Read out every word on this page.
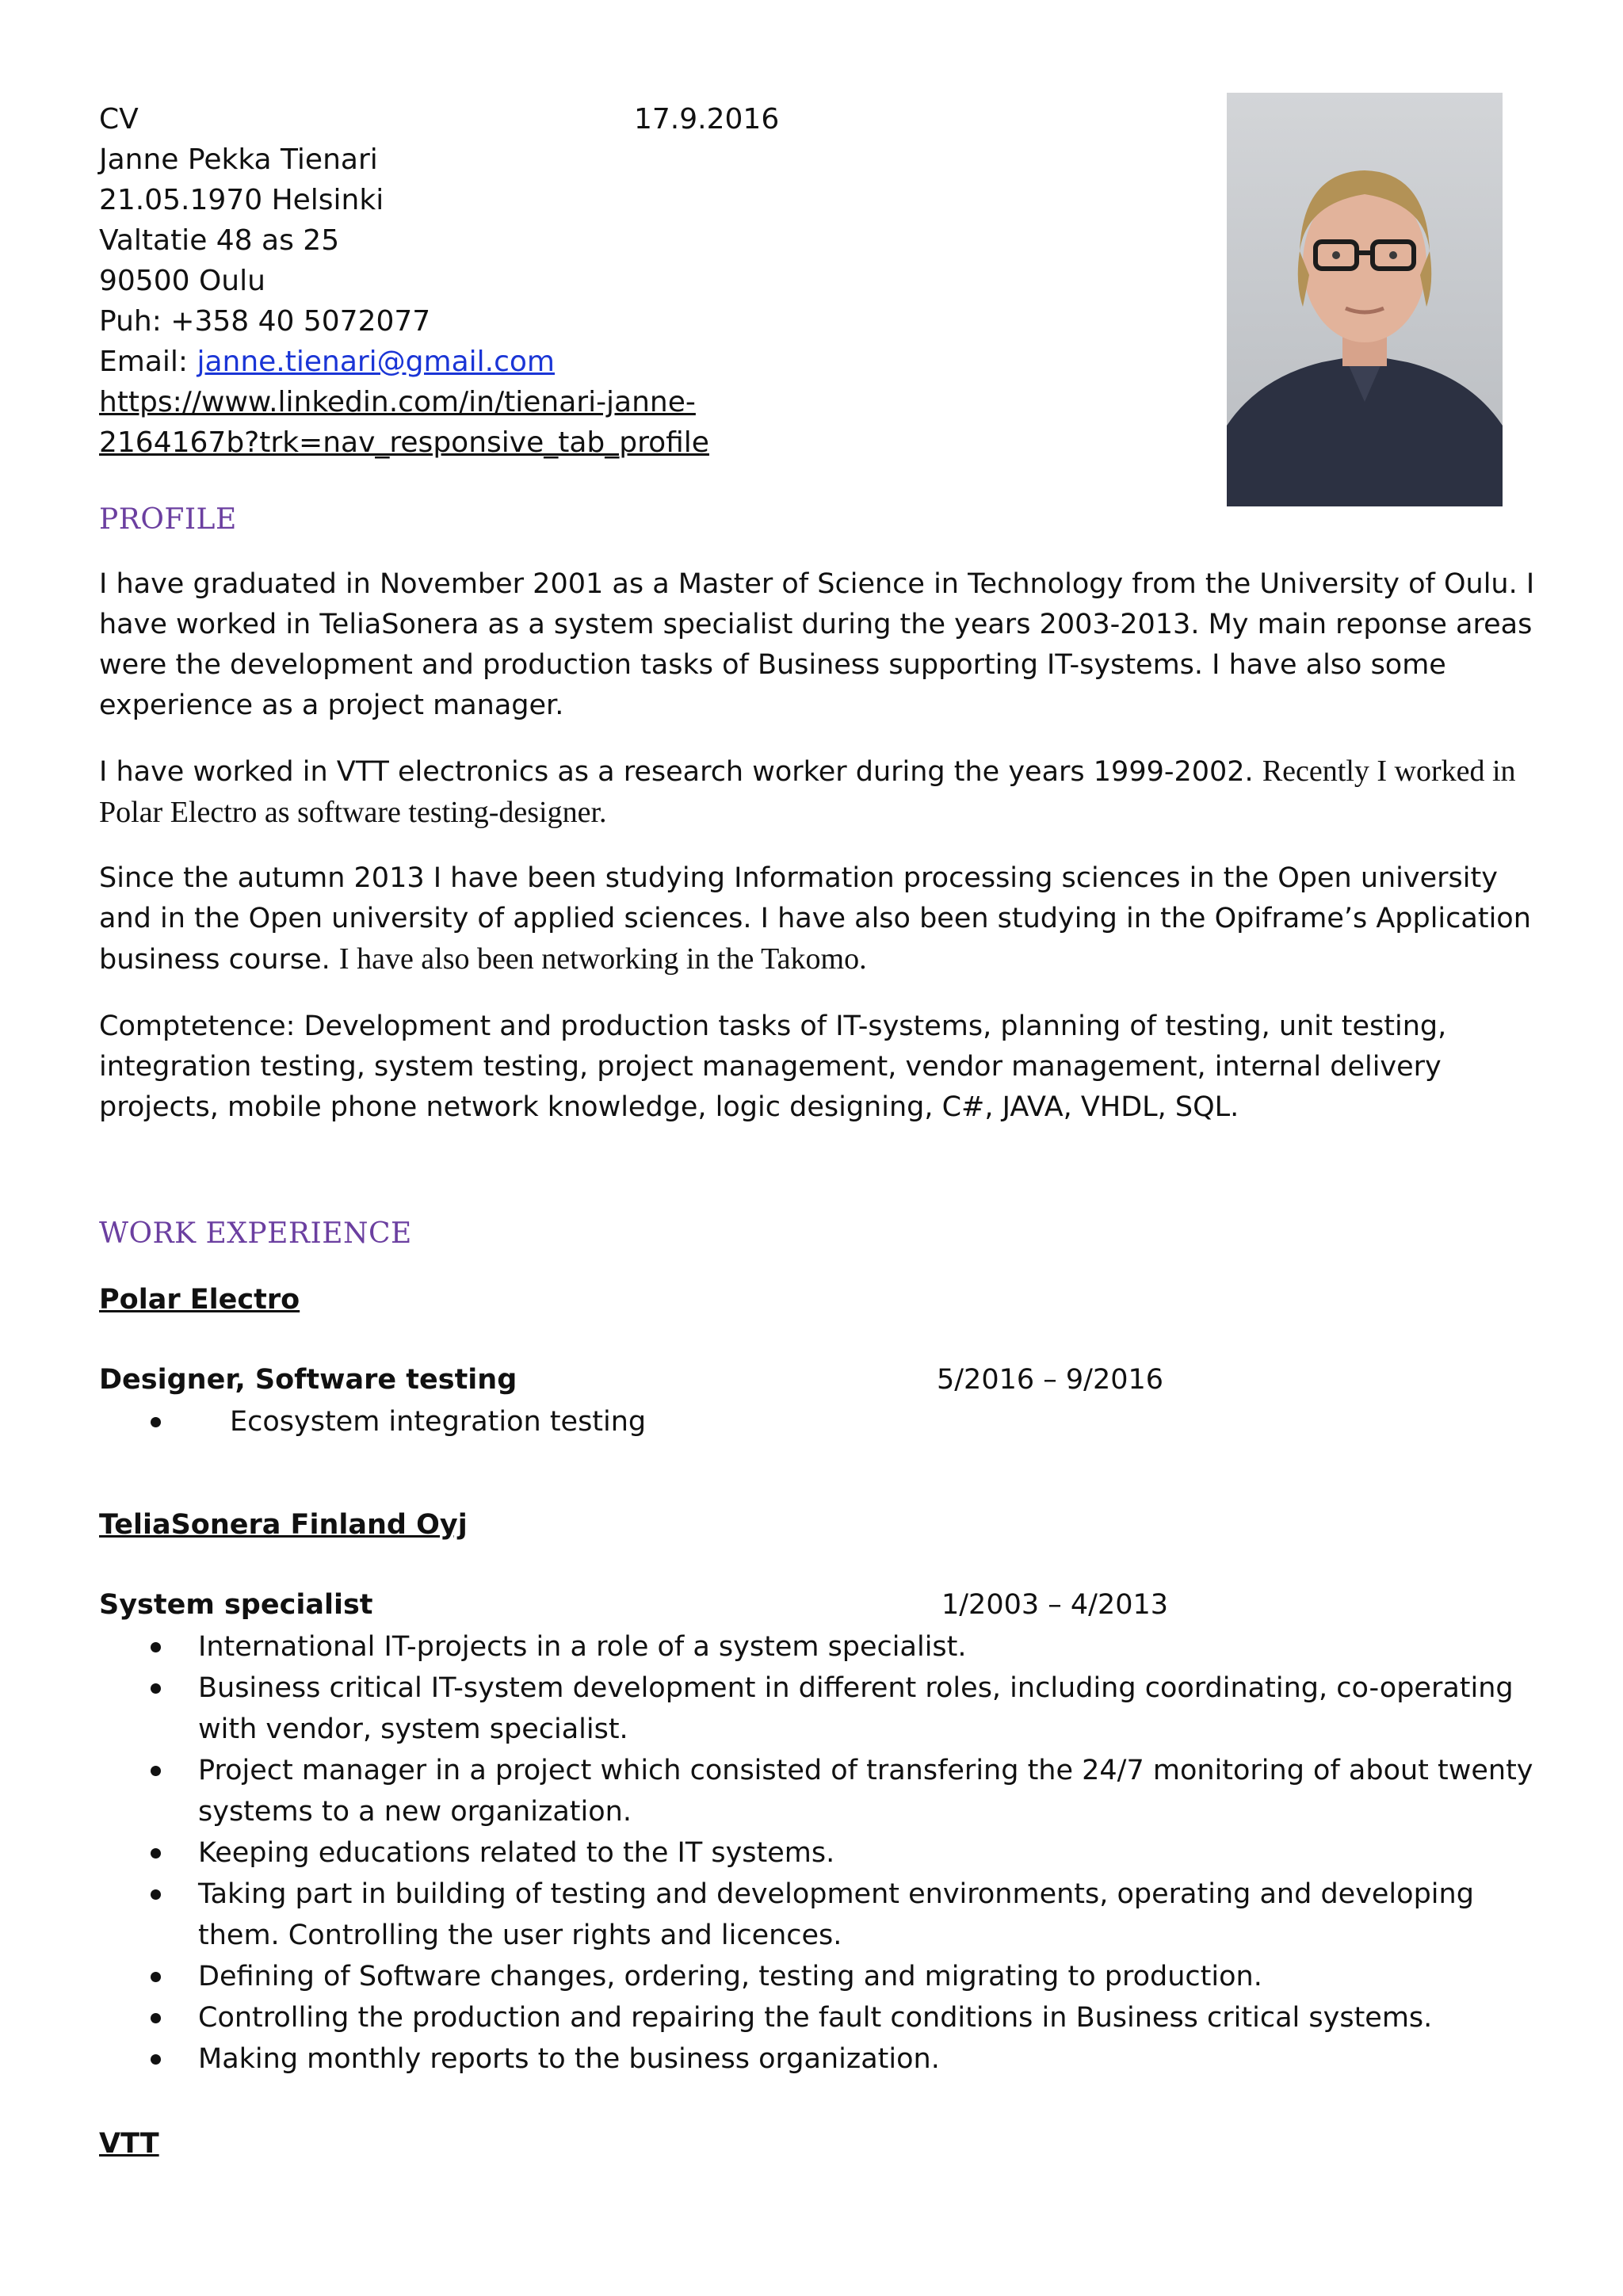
CV	17.9.2016
Janne Pekka Tienari
21.05.1970 Helsinki
Valtatie 48 as 25
90500 Oulu
Puh: +358 40 5072077
Email: janne.tienari@gmail.com
https://www.linkedin.com/in/tienari-janne-
2164167b?trk=nav_responsive_tab_profile
PROFILE
I have graduated in November 2001 as a Master of Science in Technology from the University of Oulu. I have worked in TeliaSonera as a system specialist during the years 2003-2013. My main reponse areas were the development and production tasks of Business supporting IT-systems. I have also some experience as a project manager.
I have worked in VTT electronics as a research worker during the years 1999-2002. Recently I worked in Polar Electro as software testing-designer.
Since the autumn 2013 I have been studying Information processing sciences in the Open university and in the Open university of applied sciences. I have also been studying in the Opiframe’s Application business course. I have also been networking in the Takomo.
Comptetence: Development and production tasks of IT-systems, planning of testing, unit testing, integration testing, system testing, project management, vendor management, internal delivery projects, mobile phone network knowledge, logic designing, C#, JAVA, VHDL, SQL.
WORK EXPERIENCE
Polar Electro
Designer, Software testing	5/2016 – 9/2016
Ecosystem integration testing
TeliaSonera Finland Oyj
System specialist	1/2003 – 4/2013
International IT-projects in a role of a system specialist.
Business critical IT-system development in different roles, including coordinating, co-operating with vendor, system specialist.
Project manager in a project which consisted of transfering the 24/7 monitoring of about twenty systems to a new organization.
Keeping educations related to the IT systems.
Taking part in building of testing and development environments, operating and developing them. Controlling the user rights and licences.
Defining of Software changes, ordering, testing and migrating to production.
Controlling the production and repairing the fault conditions in Business critical systems.
Making monthly reports to the business organization.
VTT
